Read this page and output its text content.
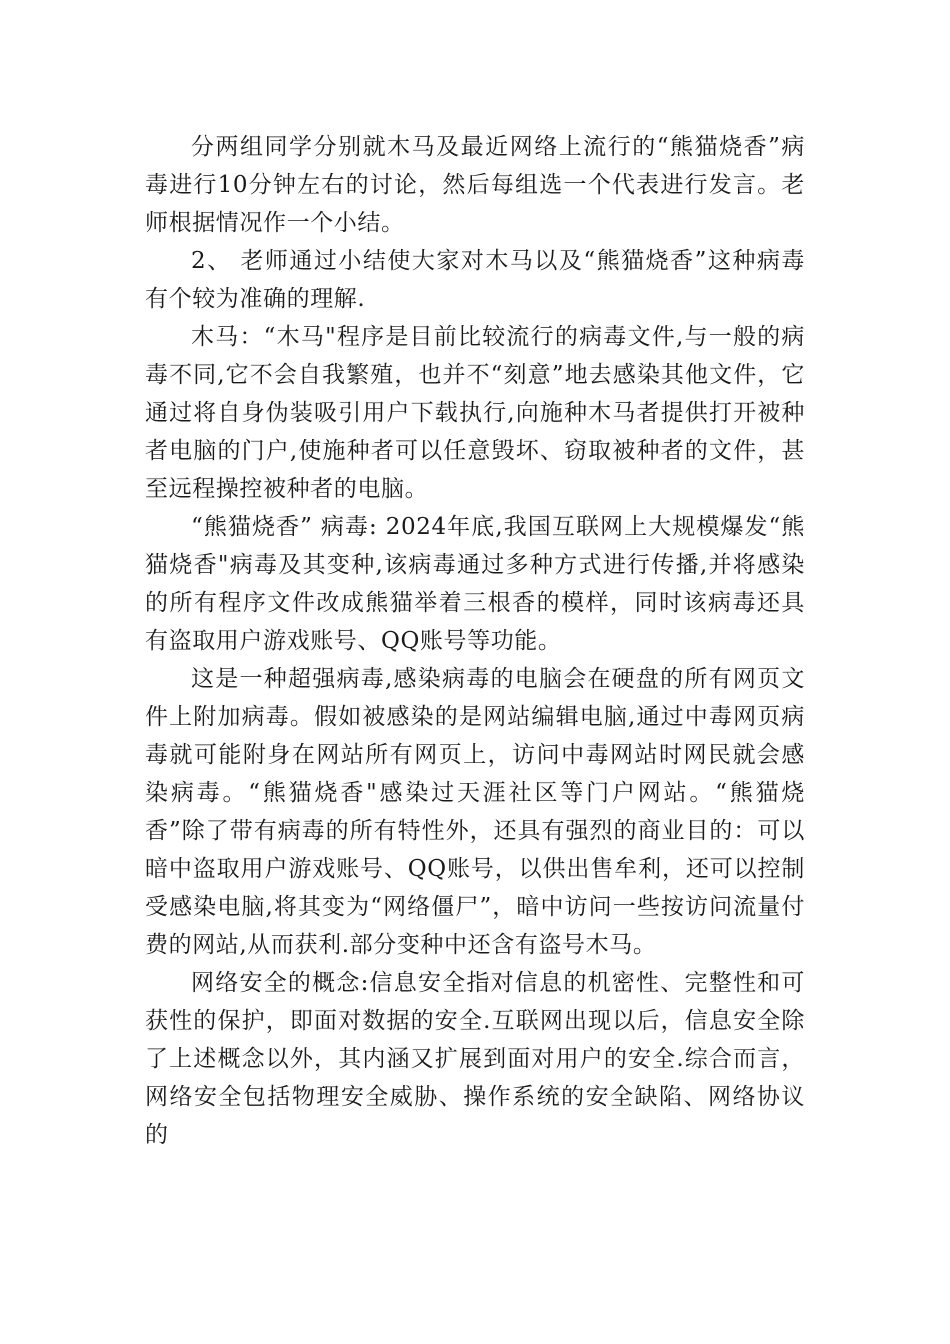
分两组同学分别就木马及最近网络上流行的“熊猫烧香”病毒进行10分钟左右的讨论，然后每组选一个代表进行发言。老师根据情况作一个小结。

2、 老师通过小结使大家对木马以及“熊猫烧香”这种病毒有个较为准确的理解.

木马：“木马"程序是目前比较流行的病毒文件,与一般的病毒不同,它不会自我繁殖，也并不“刻意”地去感染其他文件，它通过将自身伪装吸引用户下载执行,向施种木马者提供打开被种者电脑的门户,使施种者可以任意毁坏、窃取被种者的文件，甚至远程操控被种者的电脑。

“熊猫烧香” 病毒: 2024年底,我国互联网上大规模爆发“熊猫烧香"病毒及其变种,该病毒通过多种方式进行传播,并将感染的所有程序文件改成熊猫举着三根香的模样，同时该病毒还具有盗取用户游戏账号、QQ账号等功能。

这是一种超强病毒,感染病毒的电脑会在硬盘的所有网页文件上附加病毒。假如被感染的是网站编辑电脑,通过中毒网页病毒就可能附身在网站所有网页上，访问中毒网站时网民就会感染病毒。“熊猫烧香"感染过天涯社区等门户网站。“熊猫烧香”除了带有病毒的所有特性外，还具有强烈的商业目的：可以暗中盗取用户游戏账号、QQ账号，以供出售牟利，还可以控制受感染电脑,将其变为“网络僵尸”，暗中访问一些按访问流量付费的网站,从而获利.部分变种中还含有盗号木马。

网络安全的概念:信息安全指对信息的机密性、完整性和可获性的保护，即面对数据的安全.互联网出现以后，信息安全除了上述概念以外，其内涵又扩展到面对用户的安全.综合而言，网络安全包括物理安全威胁、操作系统的安全缺陷、网络协议的
